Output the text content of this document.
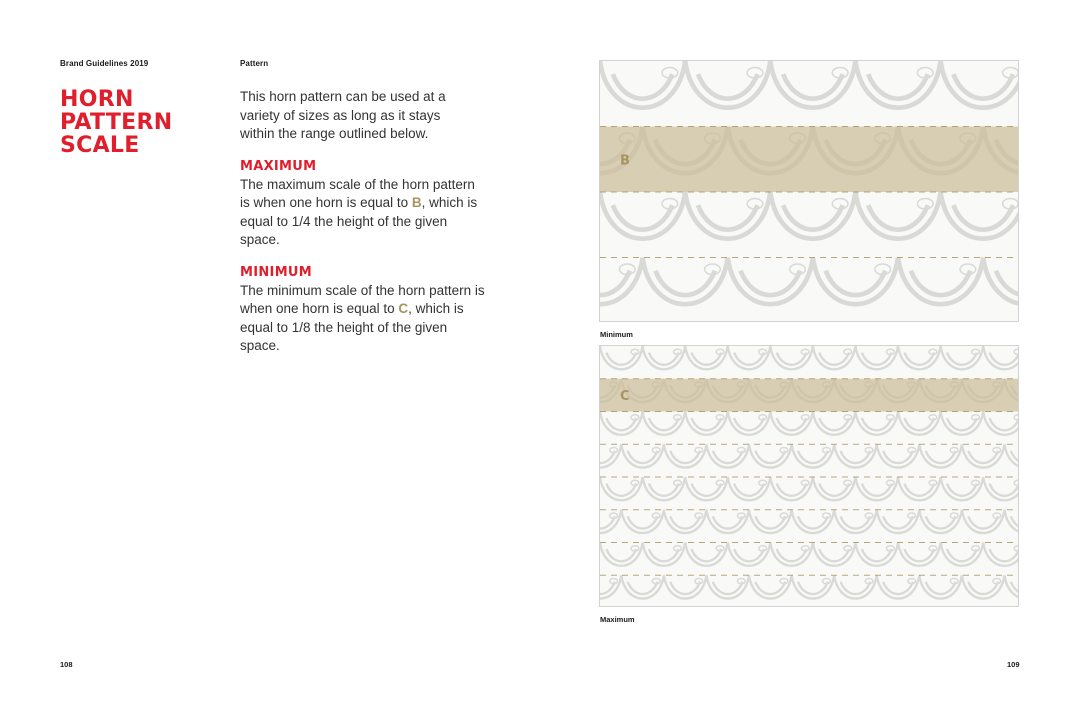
Brand Guidelines 2019	Pattern
HORN
PATTERN
SCALE

This horn pattern can be used at a variety of sizes as long as it stays within the range outlined below.

MAXIMUM

The maximum scale of the horn pattern is when one horn is equal to B, which is equal to 1/4 the height of the given space.

MINIMUM

The minimum scale of the horn pattern is when one horn is equal to C, which is equal to 1/8 the height of the given space.

B
Minimum
C
Maximum
108	109
